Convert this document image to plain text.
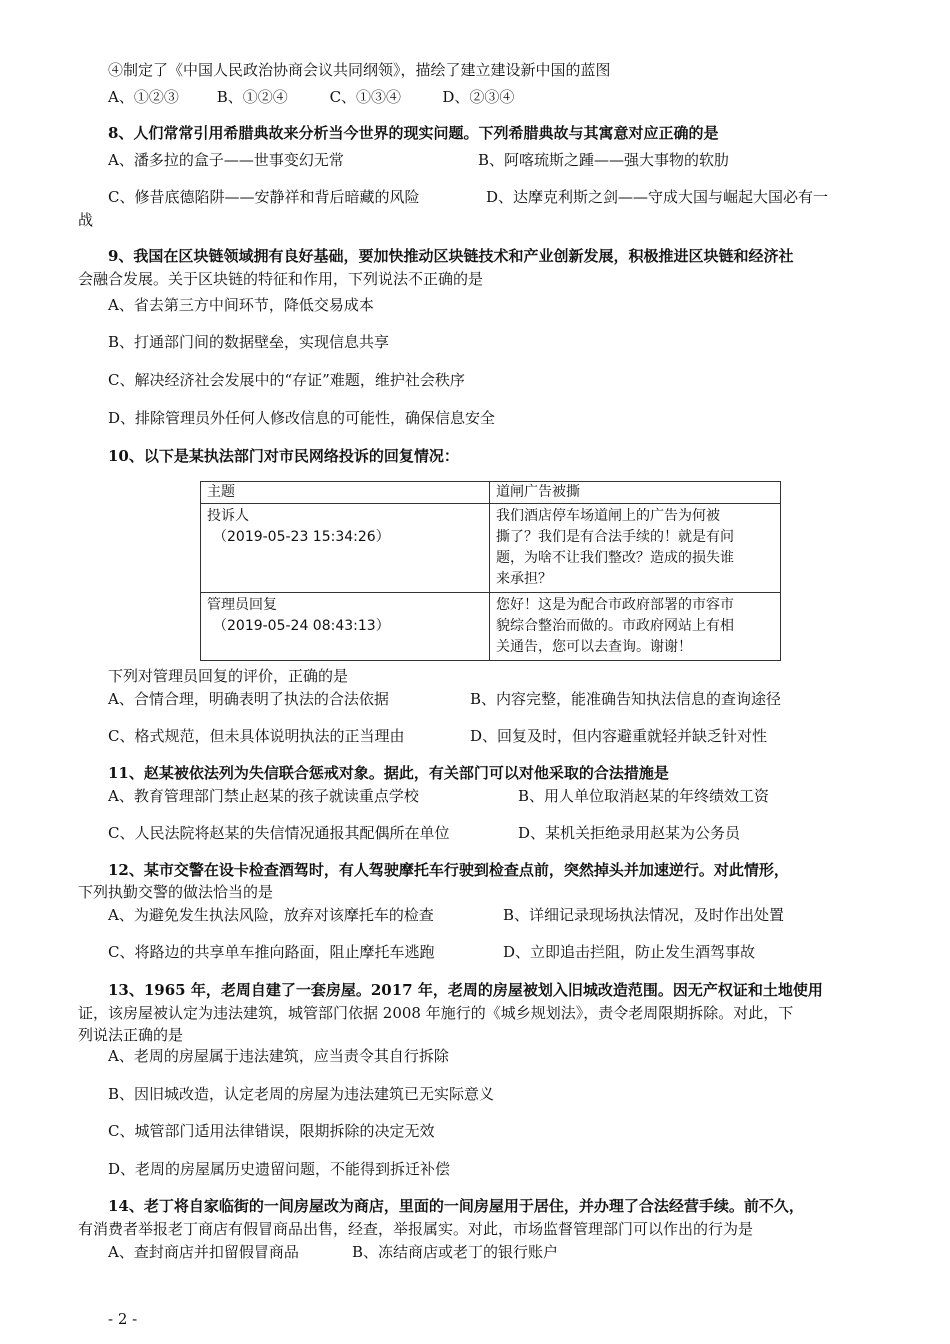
④制定了《中国人民政治协商会议共同纲领》，描绘了建立建设新中国的蓝图
A、①②③	B、①②④	C、①③④	D、②③④
8、人们常常引用希腊典故来分析当今世界的现实问题。下列希腊典故与其寓意对应正确的是
A、潘多拉的盒子——世事变幻无常	B、阿喀琉斯之踵——强大事物的软肋
C、修昔底德陷阱——安静祥和背后暗藏的风险	D、达摩克利斯之剑——守成大国与崛起大国必有一
战
9、我国在区块链领域拥有良好基础，要加快推动区块链技术和产业创新发展，积极推进区块链和经济社
会融合发展。关于区块链的特征和作用，下列说法不正确的是
A、省去第三方中间环节，降低交易成本
B、打通部门间的数据壁垒，实现信息共享
C、解决经济社会发展中的“存证”难题，维护社会秩序
D、排除管理员外任何人修改信息的可能性，确保信息安全
10、以下是某执法部门对市民网络投诉的回复情况：
主题	道闸广告被撕

投诉人
（2019-05-23 15:34:26）	我们酒店停车场道闸上的广告为何被
撕了？我们是有合法手续的！就是有问
题，为啥不让我们整改？造成的损失谁
来承担？

管理员回复
（2019-05-24 08:43:13）	您好！这是为配合市政府部署的市容市
貌综合整治而做的。市政府网站上有相
关通告，您可以去查询。谢谢！
下列对管理员回复的评价，正确的是
A、合情合理，明确表明了执法的合法依据	B、内容完整，能准确告知执法信息的查询途径
C、格式规范，但未具体说明执法的正当理由	D、回复及时，但内容避重就轻并缺乏针对性
11、赵某被依法列为失信联合惩戒对象。据此，有关部门可以对他采取的合法措施是
A、教育管理部门禁止赵某的孩子就读重点学校	B、用人单位取消赵某的年终绩效工资
C、人民法院将赵某的失信情况通报其配偶所在单位	D、某机关拒绝录用赵某为公务员
12、某市交警在设卡检查酒驾时，有人驾驶摩托车行驶到检查点前，突然掉头并加速逆行。对此情形，
下列执勤交警的做法恰当的是
A、为避免发生执法风险，放弃对该摩托车的检查	B、详细记录现场执法情况，及时作出处置
C、将路边的共享单车推向路面，阻止摩托车逃跑	D、立即追击拦阻，防止发生酒驾事故
13、1965 年，老周自建了一套房屋。2017 年，老周的房屋被划入旧城改造范围。因无产权证和土地使用
证，该房屋被认定为违法建筑，城管部门依据 2008 年施行的《城乡规划法》，责令老周限期拆除。对此，下
列说法正确的是
A、老周的房屋属于违法建筑，应当责令其自行拆除
B、因旧城改造，认定老周的房屋为违法建筑已无实际意义
C、城管部门适用法律错误，限期拆除的决定无效
D、老周的房屋属历史遗留问题，不能得到拆迁补偿
14、老丁将自家临街的一间房屋改为商店，里面的一间房屋用于居住，并办理了合法经营手续。前不久，
有消费者举报老丁商店有假冒商品出售，经查，举报属实。对此，市场监督管理部门可以作出的行为是
A、查封商店并扣留假冒商品	B、冻结商店或老丁的银行账户
- 2 -
